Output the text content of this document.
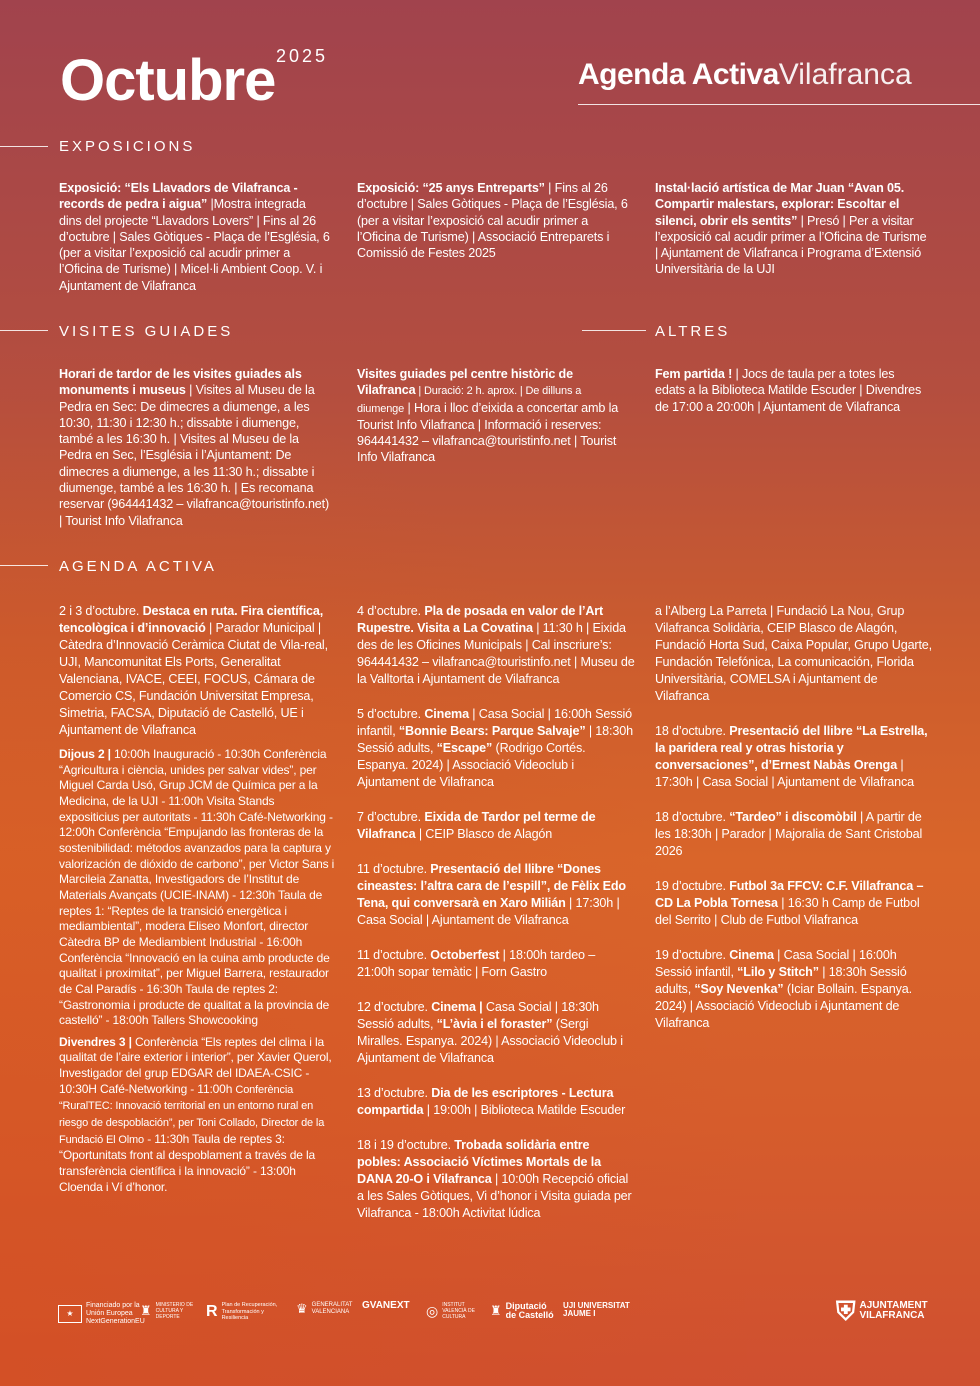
Octubre 2025
Agenda ActivaVilafranca
EXPOSICIONS

Exposició: “Els Llavadors de Vilafranca - records de pedra i aigua” |Mostra integrada dins del projecte “Llavadors Lovers” | Fins al 26 d’octubre | Sales Gòtiques - Plaça de l’Església, 6 (per a visitar l’exposició cal acudir primer a l’Oficina de Turisme) | Micel·li Ambient Coop. V. i Ajuntament de Vilafranca

Exposició: “25 anys Entreparts” | Fins al 26 d’octubre | Sales Gòtiques - Plaça de l’Església, 6 (per a visitar l’exposició cal acudir primer a l’Oficina de Turisme) | Associació Entreparets i Comissió de Festes 2025

Instal·lació artística de Mar Juan “Avan 05. Compartir malestars, explorar: Escoltar el silenci, obrir els sentits” | Presó | Per a visitar l’exposició cal acudir primer a l’Oficina de Turisme | Ajuntament de Vilafranca i Programa d’Extensió Universitària de la UJI

VISITES GUIADES	ALTRES

Horari de tardor de les visites guiades als monuments i museus | Visites al Museu de la Pedra en Sec: De dimecres a diumenge, a les 10:30, 11:30 i 12:30 h.; dissabte i diumenge, també a les 16:30 h. | Visites al Museu de la Pedra en Sec, l’Església i l’Ajuntament: De dimecres a diumenge, a les 11:30 h.; dissabte i diumenge, també a les 16:30 h. | Es recomana reservar (964441432 – vilafranca@touristinfo.net) | Tourist Info Vilafranca

Visites guiades pel centre històric de Vilafranca | Duració: 2 h. aprox. | De dilluns a diumenge | Hora i lloc d’eixida a concertar amb la Tourist Info Vilafranca | Informació i reserves: 964441432 – vilafranca@touristinfo.net | Tourist Info Vilafranca

Fem partida ! | Jocs de taula per a totes les edats a la Biblioteca Matilde Escuder | Divendres de 17:00 a 20:00h | Ajuntament de Vilafranca

AGENDA ACTIVA

2 i 3 d’octubre. Destaca en ruta. Fira científica, tencològica i d’innovació | Parador Municipal | Càtedra d’Innovació Ceràmica Ciutat de Vila-real, UJI, Mancomunitat Els Ports, Generalitat Valenciana, IVACE, CEEI, FOCUS, Cámara de Comercio CS, Fundación Universitat Empresa, Simetria, FACSA, Diputació de Castelló, UE i Ajuntament de Vilafranca

Dijous 2 | 10:00h Inauguració - 10:30h Conferència “Agricultura i ciència, unides per salvar vides”, per Miguel Carda Usó, Grup JCM de Química per a la Medicina, de la UJI - 11:00h Visita Stands expositicius per autoritats - 11:30h Café-Networking - 12:00h Conferència “Empujando las fronteras de la sostenibilidad: métodos avanzados para la captura y valorización de dióxido de carbono”, per Victor Sans i Marcileia Zanatta, Investigadors de l’Institut de Materials Avançats (UCIE-INAM) - 12:30h Taula de reptes 1: “Reptes de la transició energètica i mediambiental”, modera Eliseo Monfort, director Càtedra BP de Mediambient Industrial - 16:00h Conferència “Innovació en la cuina amb producte de qualitat i proximitat”, per Miguel Barrera, restaurador de Cal Paradís - 16:30h Taula de reptes 2: “Gastronomia i producte de qualitat a la provincia de castelló” - 18:00h Tallers Showcooking

Divendres 3 | Conferència “Els reptes del clima i la qualitat de l’aire exterior i interior”, per Xavier Querol, Investigador del grup EDGAR del IDAEA-CSIC - 10:30H Café-Networking - 11:00h Conferència “RuralTEC: Innovació territorial en un entorno rural en riesgo de despoblación”, per Toni Collado, Director de la Fundació El Olmo - 11:30h Taula de reptes 3: “Oportunitats front al despoblament a través de la transferència científica i la innovació” - 13:00h Cloenda i Ví d’honor.

4 d’octubre. Pla de posada en valor de l’Art Rupestre. Visita a La Covatina | 11:30 h | Eixida des de les Oficines Municipals | Cal inscriure’s: 964441432 – vilafranca@touristinfo.net | Museu de la Valltorta i Ajuntament de Vilafranca

5 d’octubre. Cinema | Casa Social | 16:00h Sessió infantil, “Bonnie Bears: Parque Salvaje” | 18:30h Sessió adults, “Escape” (Rodrigo Cortés. Espanya. 2024) | Associació Videoclub i Ajuntament de Vilafranca

7 d’octubre. Eixida de Tardor pel terme de Vilafranca | CEIP Blasco de Alagón

11 d’octubre. Presentació del llibre “Dones cineastes: l’altra cara de l’espill”, de Fèlix Edo Tena, qui conversarà en Xaro Milián | 17:30h | Casa Social | Ajuntament de Vilafranca

11 d’octubre. Octoberfest | 18:00h tardeo – 21:00h sopar temàtic | Forn Gastro

12 d’octubre. Cinema | Casa Social | 18:30h Sessió adults, “L’àvia i el foraster” (Sergi Miralles. Espanya. 2024) | Associació Videoclub i Ajuntament de Vilafranca

13 d’octubre. Dia de les escriptores - Lectura compartida | 19:00h | Biblioteca Matilde Escuder

18 i 19 d’octubre. Trobada solidària entre pobles: Associació Víctimes Mortals de la DANA 20-O i Vilafranca | 10:00h Recepció oficial a les Sales Gòtiques, Vi d’honor i Visita guiada per Vilafranca - 18:00h Activitat lúdica

a l’Alberg La Parreta | Fundació La Nou, Grup Vilafranca Solidària, CEIP Blasco de Alagón, Fundació Horta Sud, Caixa Popular, Grupo Ugarte, Fundación Telefónica, La comunicación, Florida Universitària, COMELSA i Ajuntament de Vilafranca

18 d’octubre. Presentació del llibre “La Estrella, la paridera real y otras historia y conversaciones”, d’Ernest Nabàs Orenga | 17:30h | Casa Social | Ajuntament de Vilafranca

18 d’octubre. “Tardeo” i discomòbil | A partir de les 18:30h | Parador | Majoralia de Sant Cristobal 2026

19 d’octubre. Futbol 3a FFCV: C.F. Villafranca – CD La Pobla Tornesa | 16:30 h Camp de Futbol del Serrito | Club de Futbol Vilafranca

19 d’octubre. Cinema | Casa Social | 16:00h Sessió infantil, “Lilo y Stitch” | 18:30h Sessió adults, “Soy Nevenka” (Iciar Bollain. Espanya. 2024) | Associació Videoclub i Ajuntament de Vilafranca

★
Financiado por la Unión Europea NextGenerationEU
♜ MINISTERIO DE CULTURA Y DEPORTE	R Plan de Recuperación, Transformación y Resiliencia
♛ GENERALITAT VALENCIANA
GVANEXT ◎ INSTITUT VALENCIÀ DE CULTURA	♜ Diputació de Castelló
UJI UNIVERSITAT JAUME I	⛨ AJUNTAMENT
VILAFRANCA
